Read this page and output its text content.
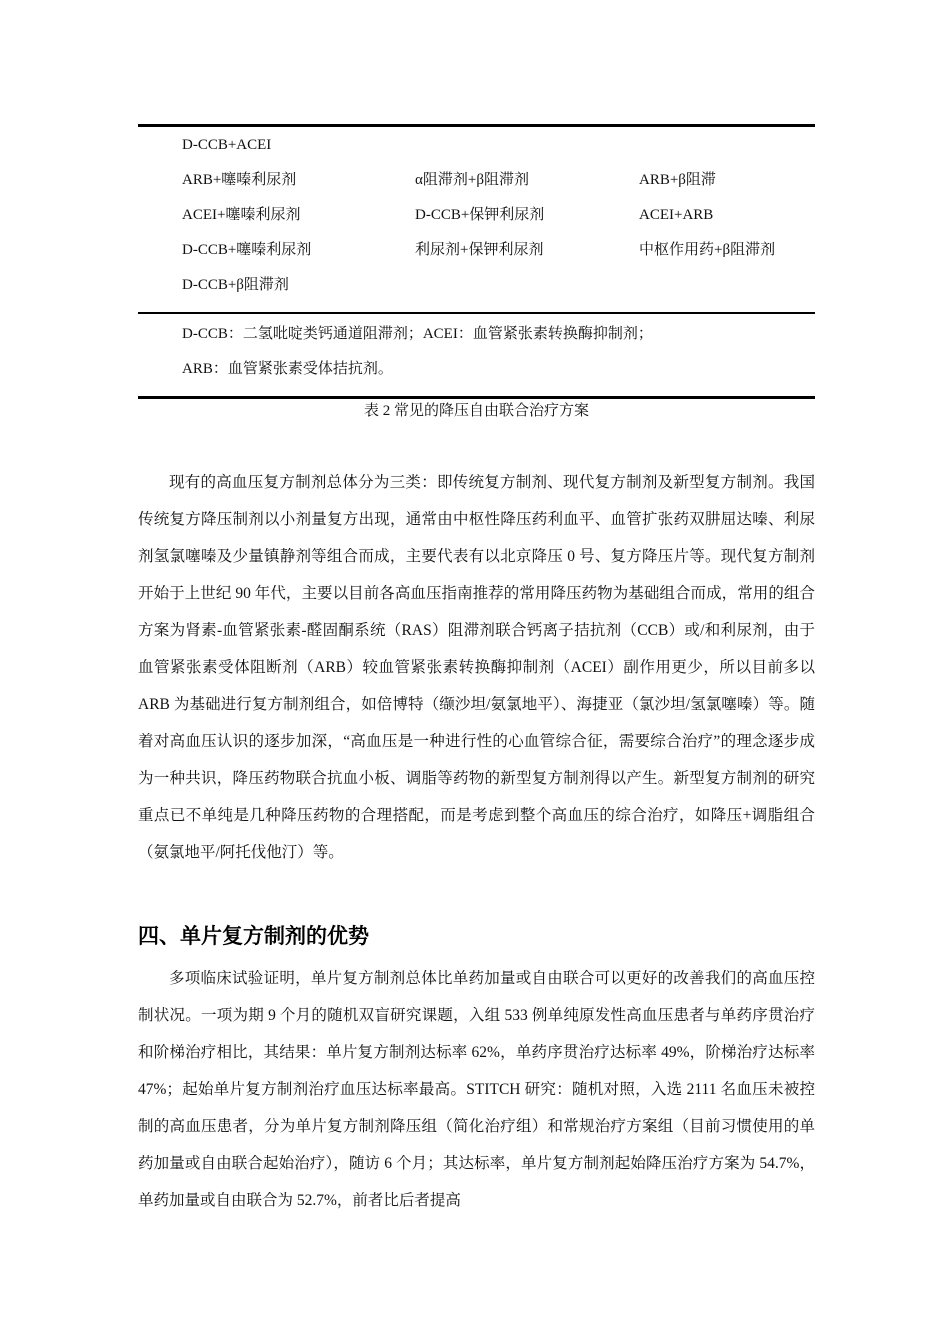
D-CCB+ACEI
ARB+噻嗪利尿剂	α阻滞剂+β阻滞剂	ARB+β阻滞
ACEI+噻嗪利尿剂	D-CCB+保钾利尿剂	ACEI+ARB
D-CCB+噻嗪利尿剂	利尿剂+保钾利尿剂	中枢作用药+β阻滞剂
D-CCB+β阻滞剂
D-CCB：二氢吡啶类钙通道阻滞剂；ACEI：血管紧张素转换酶抑制剂；
ARB：血管紧张素受体拮抗剂。
表 2 常见的降压自由联合治疗方案

现有的高血压复方制剂总体分为三类：即传统复方制剂、现代复方制剂及新型复方制剂。我国传统复方降压制剂以小剂量复方出现，通常由中枢性降压药利血平、血管扩张药双肼屈达嗪、利尿剂氢氯噻嗪及少量镇静剂等组合而成，主要代表有以北京降压 0 号、复方降压片等。现代复方制剂开始于上世纪 90 年代，主要以目前各高血压指南推荐的常用降压药物为基础组合而成，常用的组合方案为肾素-血管紧张素-醛固酮系统（RAS）阻滞剂联合钙离子拮抗剂（CCB）或/和利尿剂，由于血管紧张素受体阻断剂（ARB）较血管紧张素转换酶抑制剂（ACEI）副作用更少，所以目前多以 ARB 为基础进行复方制剂组合，如倍博特（缬沙坦/氨氯地平）、海捷亚（氯沙坦/氢氯噻嗪）等。随着对高血压认识的逐步加深，“高血压是一种进行性的心血管综合征，需要综合治疗”的理念逐步成为一种共识，降压药物联合抗血小板、调脂等药物的新型复方制剂得以产生。新型复方制剂的研究重点已不单纯是几种降压药物的合理搭配，而是考虑到整个高血压的综合治疗，如降压+调脂组合（氨氯地平/阿托伐他汀）等。

四、单片复方制剂的优势

多项临床试验证明，单片复方制剂总体比单药加量或自由联合可以更好的改善我们的高血压控制状况。一项为期 9 个月的随机双盲研究课题，入组 533 例单纯原发性高血压患者与单药序贯治疗和阶梯治疗相比，其结果：单片复方制剂达标率 62%，单药序贯治疗达标率 49%，阶梯治疗达标率 47%；起始单片复方制剂治疗血压达标率最高。STITCH 研究：随机对照，入选 2111 名血压未被控制的高血压患者，分为单片复方制剂降压组（简化治疗组）和常规治疗方案组（目前习惯使用的单药加量或自由联合起始治疗），随访 6 个月；其达标率，单片复方制剂起始降压治疗方案为 54.7%，单药加量或自由联合为 52.7%，前者比后者提高
